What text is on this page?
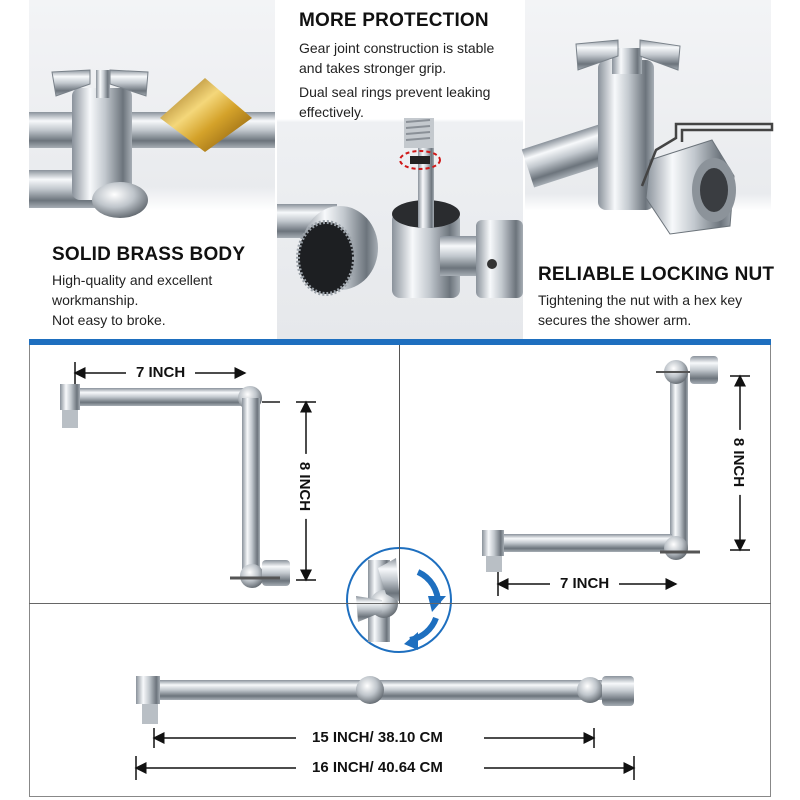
SOLID BRASS BODY
High-quality and excellent
workmanship.
Not easy to broke.
MORE PROTECTION
Gear joint construction is stable
and takes stronger grip.
Dual seal rings prevent leaking
effectively.
RELIABLE LOCKING NUT
Tightening the nut with a hex key
secures the shower arm.
7 INCH
8 INCH	8 INCH
7 INCH
15 INCH/ 38.10 CM
16 INCH/ 40.64 CM
